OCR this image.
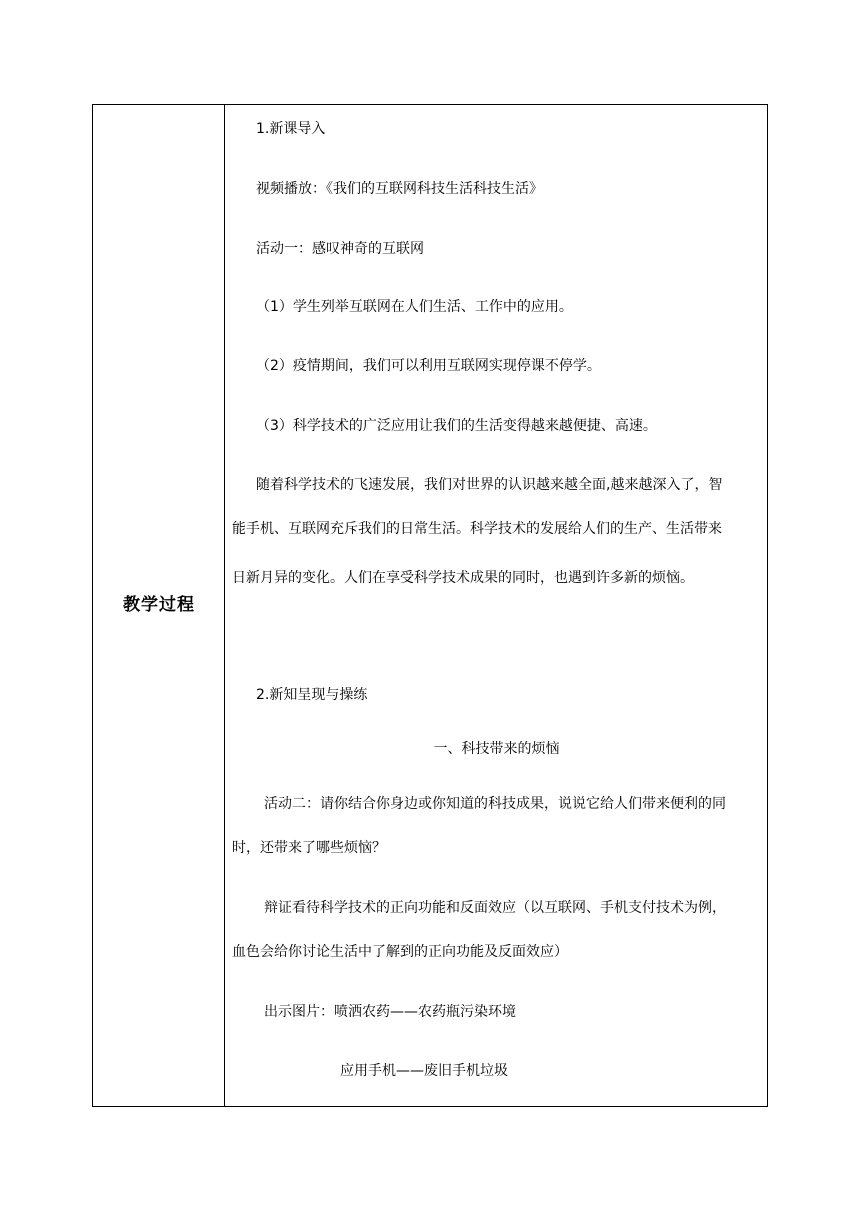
教学过程
1.新课导入
视频播放：《我们的互联网科技生活科技生活》
活动一：感叹神奇的互联网
（1）学生列举互联网在人们生活、工作中的应用。
（2）疫情期间，我们可以利用互联网实现停课不停学。
（3）科学技术的广泛应用让我们的生活变得越来越便捷、高速。
随着科学技术的飞速发展，我们对世界的认识越来越全面,越来越深入了，智
能手机、互联网充斥我们的日常生活。科学技术的发展给人们的生产、生活带来
日新月异的变化。人们在享受科学技术成果的同时，也遇到许多新的烦恼。
2.新知呈现与操练
一、科技带来的烦恼
活动二：请你结合你身边或你知道的科技成果，说说它给人们带来便利的同
时，还带来了哪些烦恼？
辩证看待科学技术的正向功能和反面效应（以互联网、手机支付技术为例，
血色会给你讨论生活中了解到的正向功能及反面效应）
出示图片：喷洒农药——农药瓶污染环境
应用手机——废旧手机垃圾
